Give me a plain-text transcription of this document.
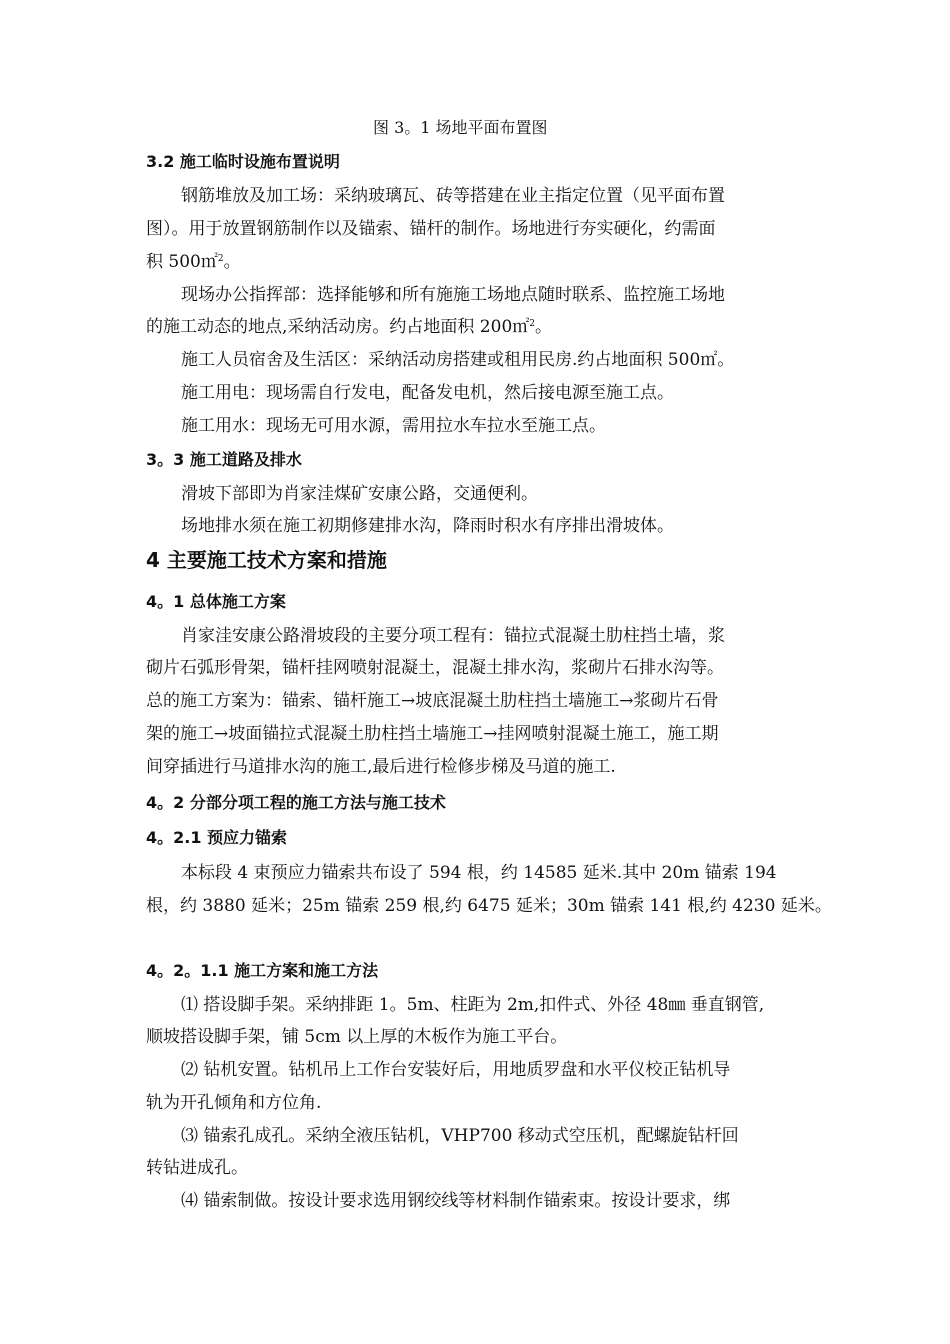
图 3。1 场地平面布置图
3.2 施工临时设施布置说明
钢筋堆放及加工场：采纳玻璃瓦、砖等搭建在业主指定位置（见平面布置
图）。用于放置钢筋制作以及锚索、锚杆的制作。场地进行夯实硬化，约需面
积 500㎡$^2$。
现场办公指挥部：选择能够和所有施施工场地点随时联系、监控施工场地
的施工动态的地点,采纳活动房。约占地面积 200㎡$^2$。
施工人员宿舍及生活区：采纳活动房搭建或租用民房.约占地面积 500㎡。
施工用电：现场需自行发电，配备发电机，然后接电源至施工点。
施工用水：现场无可用水源，需用拉水车拉水至施工点。
3。3 施工道路及排水
滑坡下部即为肖家洼煤矿安康公路，交通便利。
场地排水须在施工初期修建排水沟，降雨时积水有序排出滑坡体。
4 主要施工技术方案和措施
4。1 总体施工方案
肖家洼安康公路滑坡段的主要分项工程有：锚拉式混凝土肋柱挡土墙，浆
砌片石弧形骨架，锚杆挂网喷射混凝土，混凝土排水沟，浆砌片石排水沟等。
总的施工方案为：锚索、锚杆施工→坡底混凝土肋柱挡土墙施工→浆砌片石骨
架的施工→坡面锚拉式混凝土肋柱挡土墙施工→挂网喷射混凝土施工，施工期
间穿插进行马道排水沟的施工,最后进行检修步梯及马道的施工.
4。2 分部分项工程的施工方法与施工技术
4。2.1 预应力锚索
本标段 4 束预应力锚索共布设了 594 根，约 14585 延米.其中 20m 锚索 194
根，约 3880 延米；25m 锚索 259 根,约 6475 延米；30m 锚索 141 根,约 4230 延米。
4。2。1.1 施工方案和施工方法
⑴ 搭设脚手架。采纳排距 1。5m、柱距为 2m,扣件式、外径 48㎜ 垂直钢管,
顺坡搭设脚手架，铺 5cm 以上厚的木板作为施工平台。
⑵ 钻机安置。钻机吊上工作台安装好后，用地质罗盘和水平仪校正钻机导
轨为开孔倾角和方位角.
⑶ 锚索孔成孔。采纳全液压钻机，VHP700 移动式空压机，配螺旋钻杆回
转钻进成孔。
⑷ 锚索制做。按设计要求选用钢绞线等材料制作锚索束。按设计要求，绑
